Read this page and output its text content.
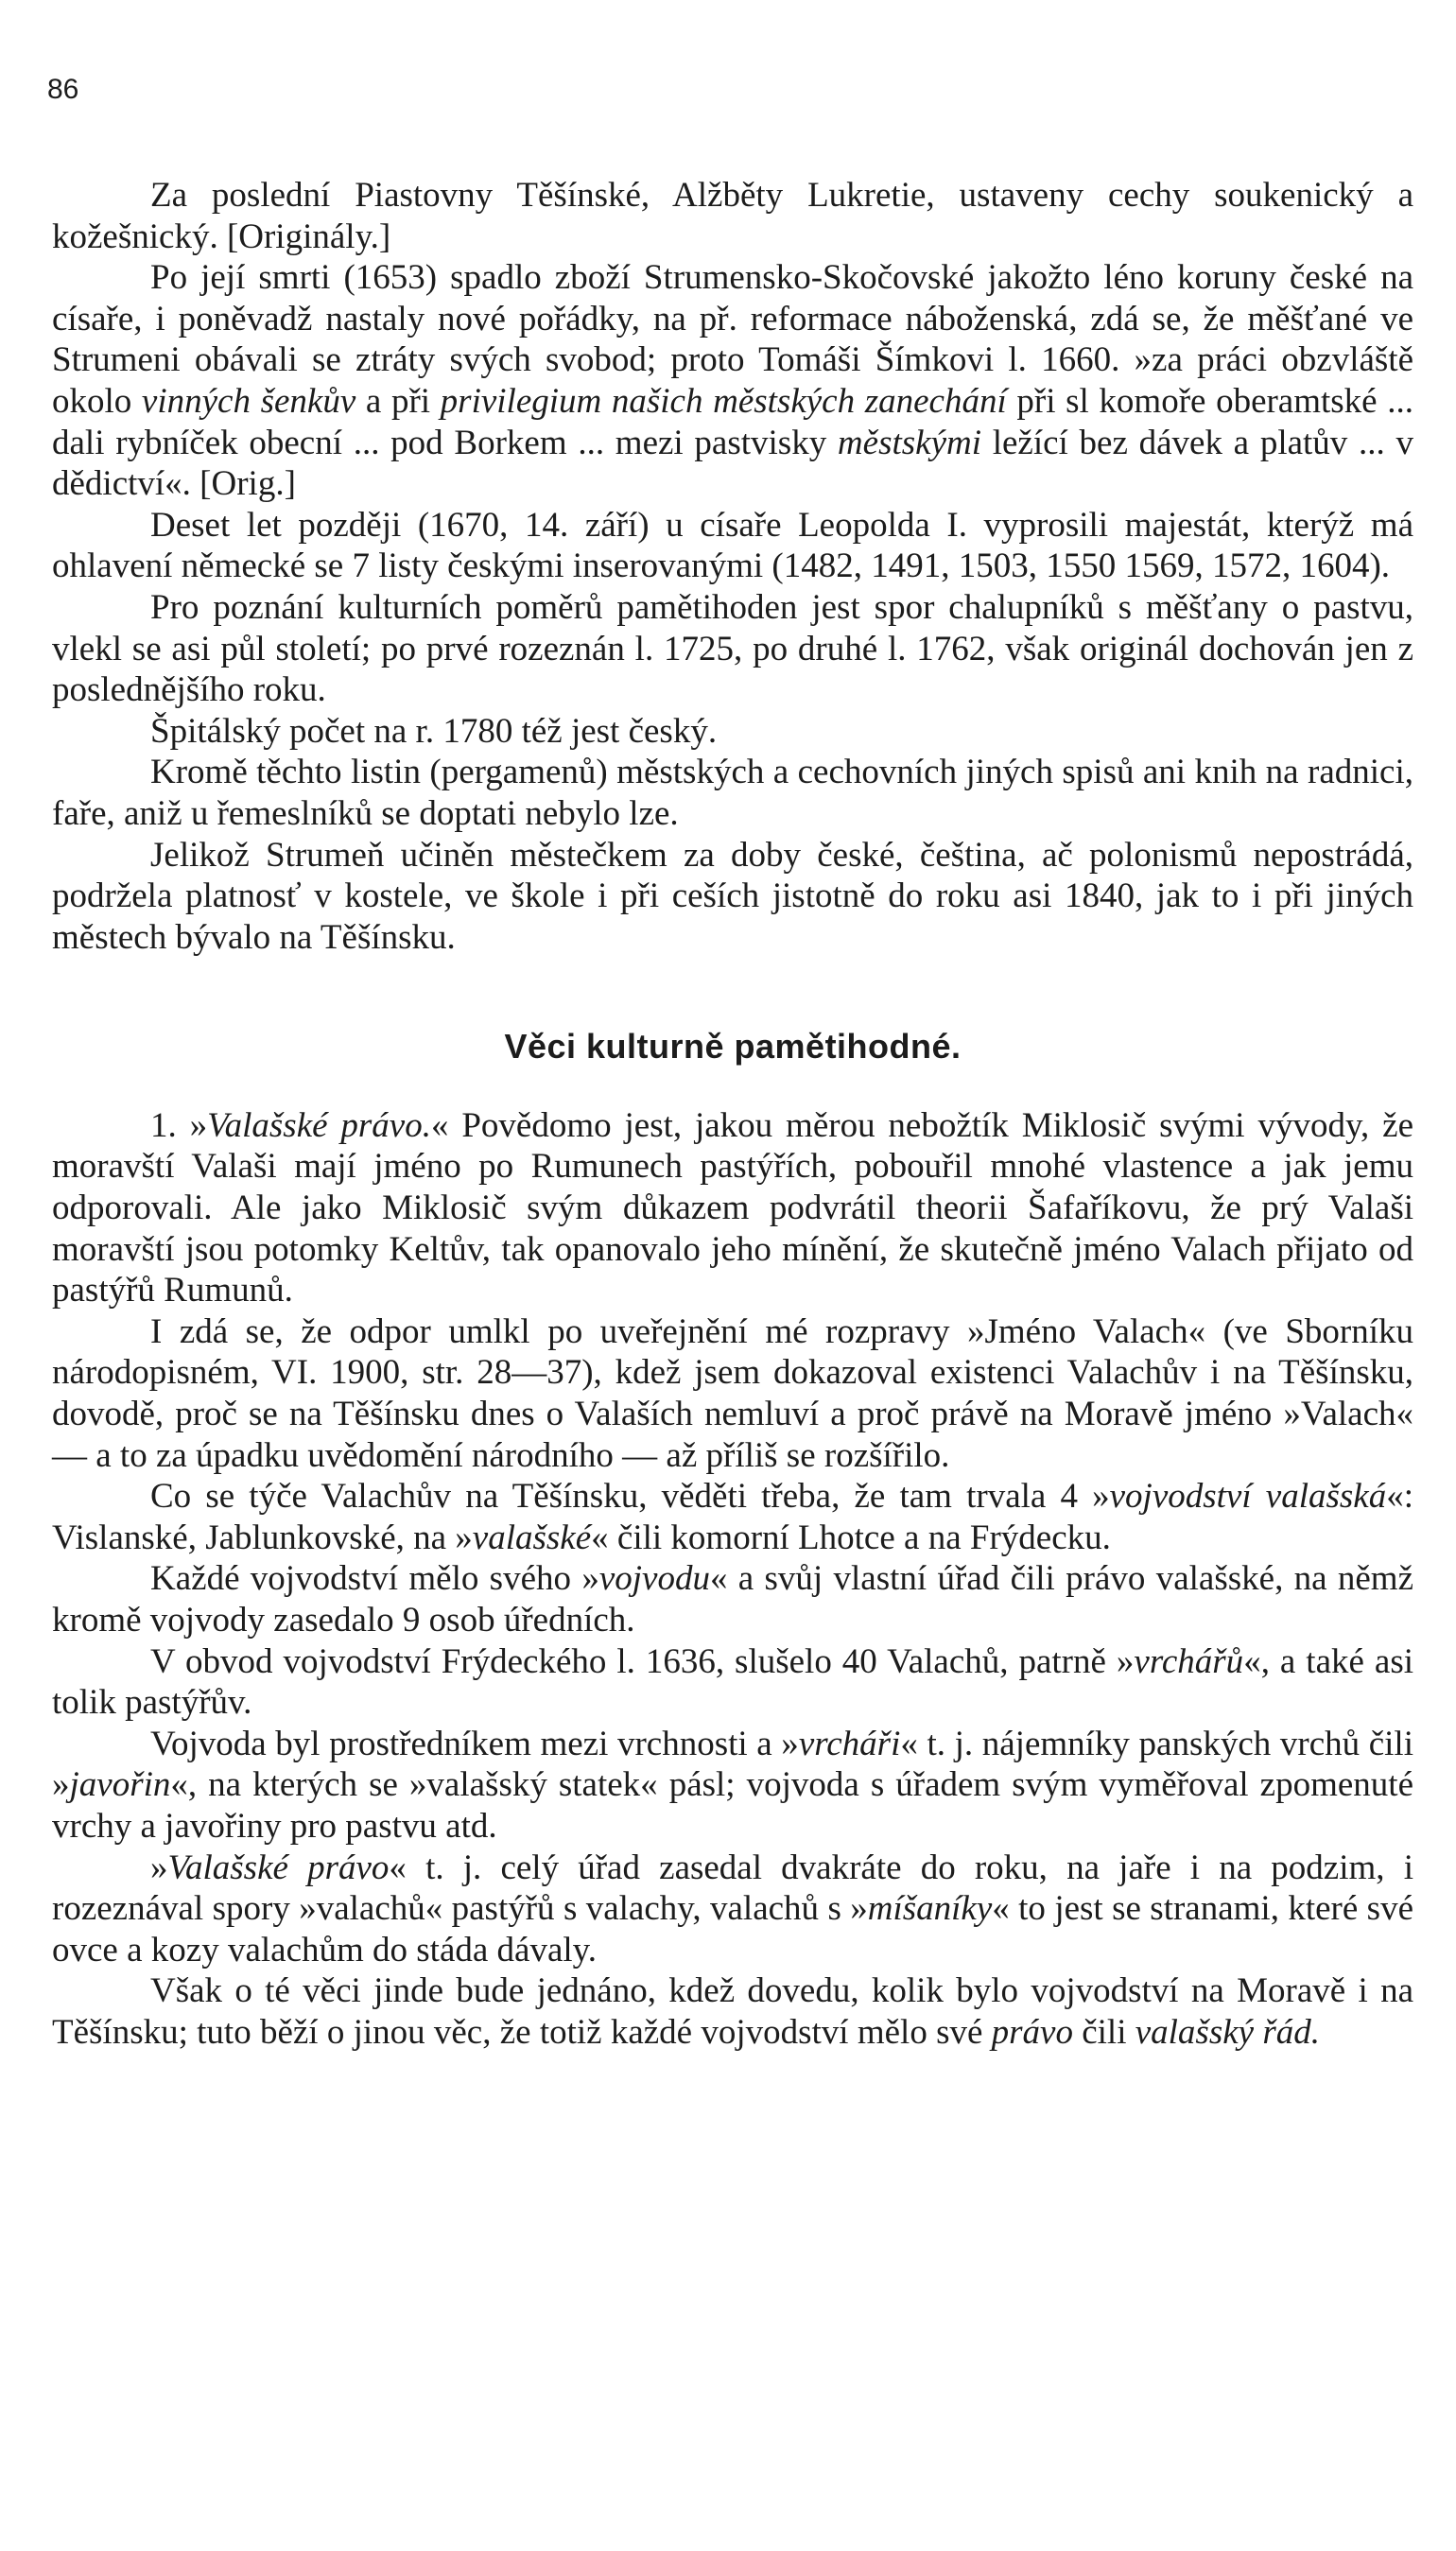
86

Za poslední Piastovny Těšínské, Alžběty Lukretie, ustaveny cechy soukenický a kožešnický. [Originály.]

Po její smrti (1653) spadlo zboží Strumensko-Skočovské jakožto léno koruny české na císaře, i poněvadž nastaly nové pořádky, na př. reformace náboženská, zdá se, že měšťané ve Strumeni obávali se ztráty svých svobod; proto Tomáši Šímkovi l. 1660. »za práci obzvláště okolo vinných šenkův a při privilegium našich městských zanechání při sl komoře oberamtské ... dali rybníček obecní ... pod Borkem ... mezi pastvisky městskými ležící bez dávek a platův ... v dědictví«. [Orig.]

Deset let později (1670, 14. září) u císaře Leopolda I. vyprosili majestát, kterýž má ohlavení německé se 7 listy českými inserovanými (1482, 1491, 1503, 1550 1569, 1572, 1604).

Pro poznání kulturních poměrů pamětihoden jest spor chalupníků s měšťany o pastvu, vlekl se asi půl století; po prvé rozeznán l. 1725, po druhé l. 1762, však originál dochován jen z poslednějšího roku.

Špitálský počet na r. 1780 též jest český.

Kromě těchto listin (pergamenů) městských a cechovních jiných spisů ani knih na radnici, faře, aniž u řemeslníků se doptati nebylo lze.

Jelikož Strumeň učiněn městečkem za doby české, čeština, ač polonismů nepostrádá, podržela platnosť v kostele, ve škole i při ceších jistotně do roku asi 1840, jak to i při jiných městech bývalo na Těšínsku.

Věci kulturně pamětihodné.

1. »Valašské právo.« Povědomo jest, jakou měrou nebožtík Miklosič svými vývody, že moravští Valaši mají jméno po Rumunech pastýřích, pobouřil mnohé vlastence a jak jemu odporovali. Ale jako Miklosič svým důkazem podvrátil theorii Šafaříkovu, že prý Valaši moravští jsou potomky Keltův, tak opanovalo jeho mínění, že skutečně jméno Valach přijato od pastýřů Rumunů.

I zdá se, že odpor umlkl po uveřejnění mé rozpravy »Jméno Valach« (ve Sborníku národopisném, VI. 1900, str. 28—37), kdež jsem dokazoval existenci Valachův i na Těšínsku, dovodě, proč se na Těšínsku dnes o Valaších nemluví a proč právě na Moravě jméno »Valach« — a to za úpadku uvědomění národního — až příliš se rozšířilo.

Co se týče Valachův na Těšínsku, věděti třeba, že tam trvala 4 »vojvodství valašská«: Vislanské, Jablunkovské, na »valašské« čili komorní Lhotce a na Frýdecku.

Každé vojvodství mělo svého »vojvodu« a svůj vlastní úřad čili právo valašské, na němž kromě vojvody zasedalo 9 osob úředních.

V obvod vojvodství Frýdeckého l. 1636, slušelo 40 Valachů, patrně »vrchářů«, a také asi tolik pastýřův.

Vojvoda byl prostředníkem mezi vrchnosti a »vrcháři« t. j. nájemníky panských vrchů čili »javořin«, na kterých se »valašský statek« pásl; vojvoda s úřadem svým vyměřoval zpomenuté vrchy a javořiny pro pastvu atd.

»Valašské právo« t. j. celý úřad zasedal dvakráte do roku, na jaře i na podzim, i rozeznával spory »valachů« pastýřů s valachy, valachů s »míšaníky« to jest se stranami, které své ovce a kozy valachům do stáda dávaly.

Však o té věci jinde bude jednáno, kdež dovedu, kolik bylo vojvodství na Moravě i na Těšínsku; tuto běží o jinou věc, že totiž každé vojvodství mělo své právo čili valašský řád.
